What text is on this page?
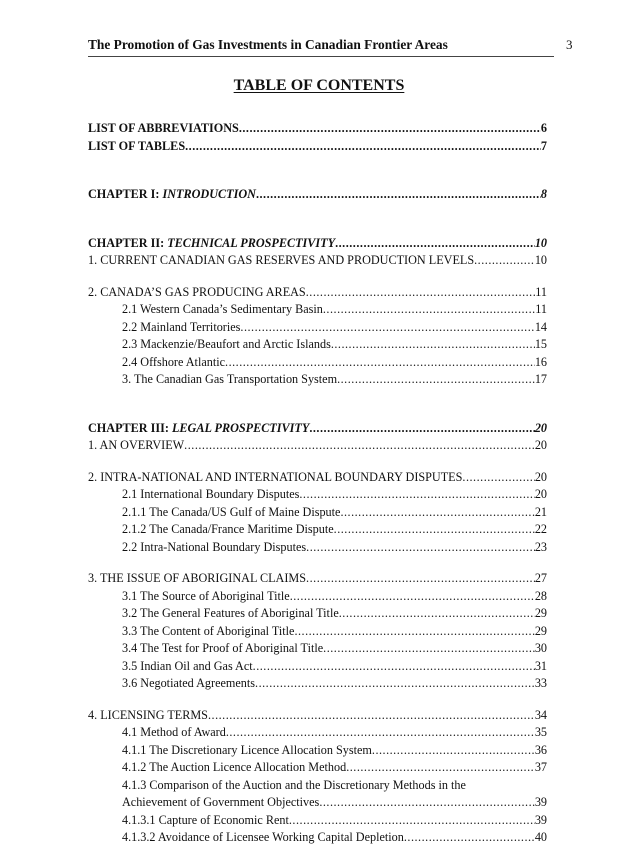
The Promotion of Gas Investments in Canadian Frontier Areas	3
TABLE OF CONTENTS
LIST OF ABBREVIATIONS .....	6
LIST OF TABLES .....	7
CHAPTER I: INTRODUCTION .....	8
CHAPTER II: TECHNICAL PROSPECTIVITY .....	10
1. CURRENT CANADIAN GAS RESERVES AND PRODUCTION LEVELS .....	10
2. CANADA’S GAS PRODUCING AREAS .....	11
2.1 Western Canada’s Sedimentary Basin .....	11
2.2 Mainland Territories .....	14
2.3 Mackenzie/Beaufort and Arctic Islands .....	15
2.4 Offshore Atlantic .....	16
3. The Canadian Gas Transportation System .....	17
CHAPTER III: LEGAL PROSPECTIVITY .....	20
1. AN OVERVIEW .....	20
2. INTRA-NATIONAL AND INTERNATIONAL BOUNDARY DISPUTES .....	20
2.1 International Boundary Disputes .....	20
2.1.1 The Canada/US Gulf of Maine Dispute .....	21
2.1.2 The Canada/France Maritime Dispute .....	22
2.2 Intra-National Boundary Disputes .....	23
3. THE ISSUE OF ABORIGINAL CLAIMS .....	27
3.1 The Source of Aboriginal Title .....	28
3.2 The General Features of Aboriginal Title .....	29
3.3 The Content of Aboriginal Title .....	29
3.4 The Test for Proof of Aboriginal Title .....	30
3.5 Indian Oil and Gas Act .....	31
3.6 Negotiated Agreements .....	33
4. LICENSING TERMS .....	34
4.1 Method of Award .....	35
4.1.1 The Discretionary Licence Allocation System .....	36
4.1.2 The Auction Licence Allocation Method .....	37
4.1.3 Comparison of the Auction and the Discretionary Methods in the
Achievement of Government Objectives .....	39
4.1.3.1 Capture of Economic Rent .....	39
4.1.3.2 Avoidance of Licensee Working Capital Depletion .....	40
